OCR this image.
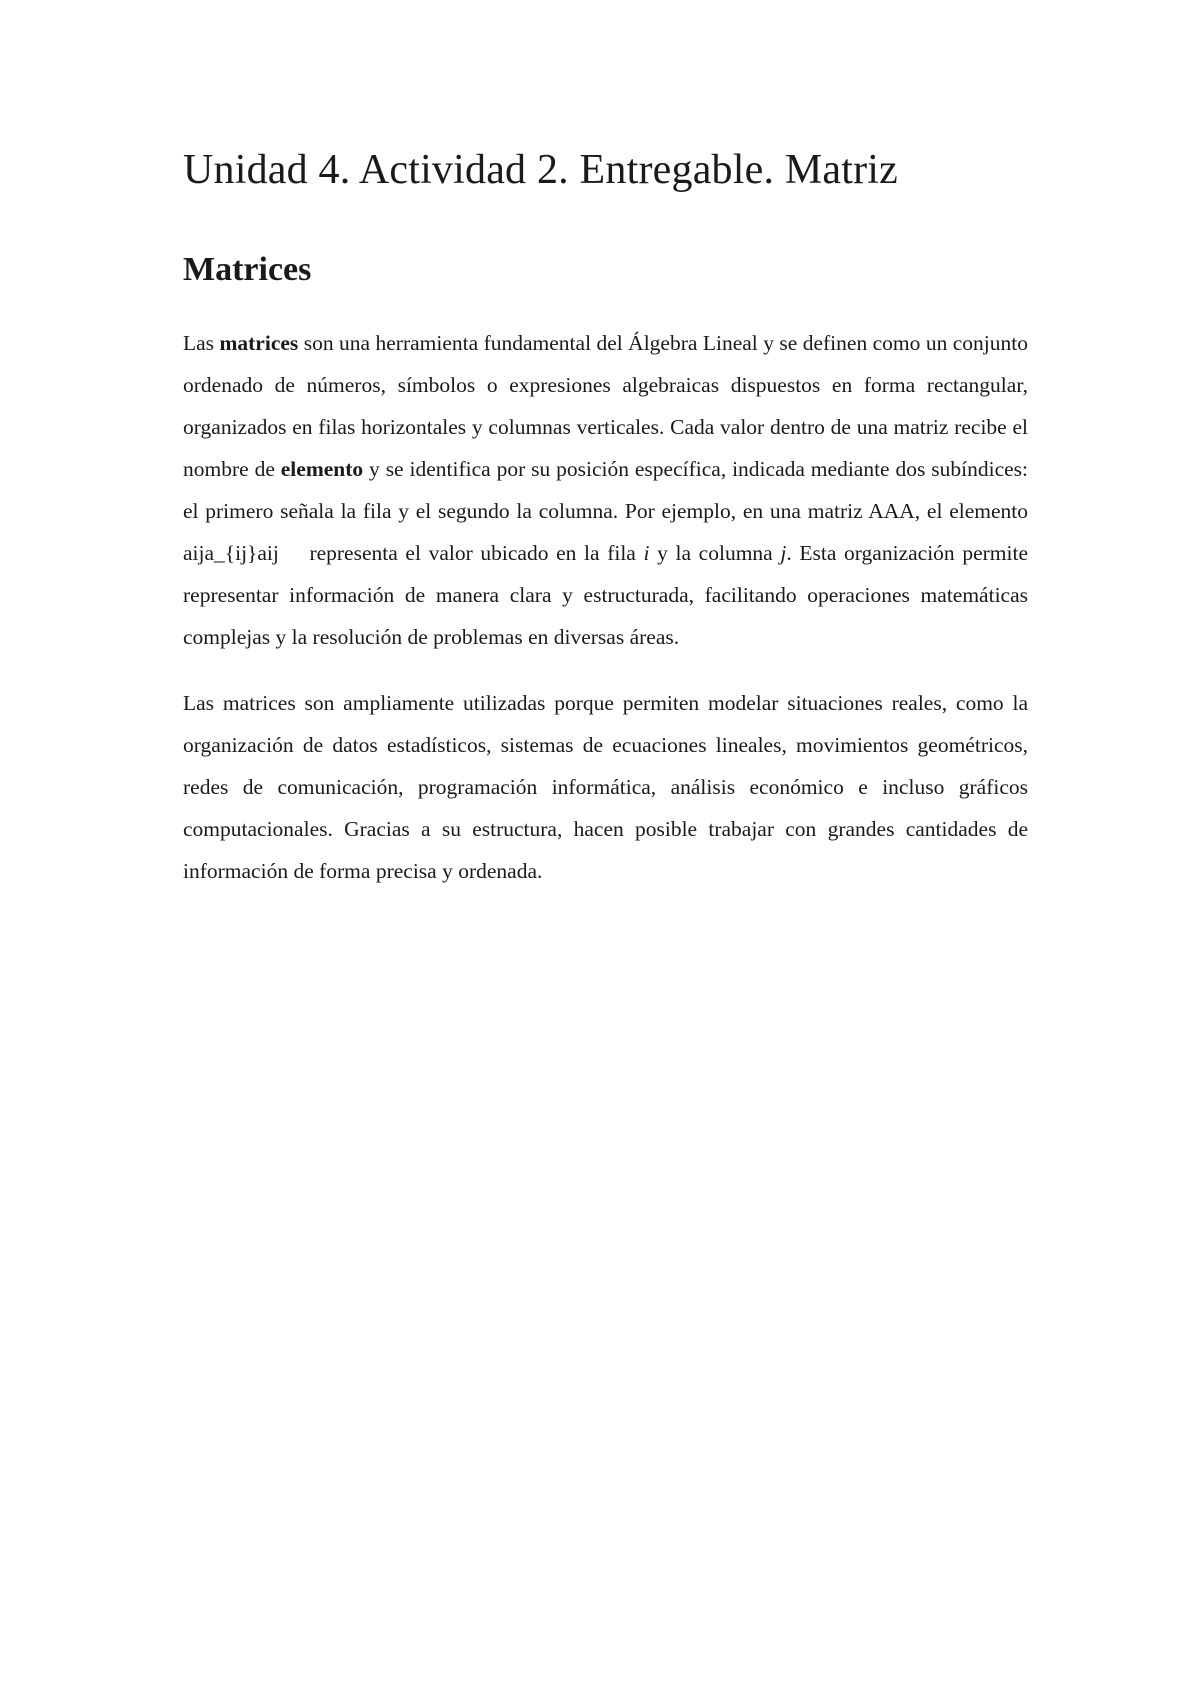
Unidad 4. Actividad 2. Entregable. Matriz
Matrices

Las matrices son una herramienta fundamental del Álgebra Lineal y se definen como un conjunto ordenado de números, símbolos o expresiones algebraicas dispuestos en forma rectangular, organizados en filas horizontales y columnas verticales. Cada valor dentro de una matriz recibe el nombre de elemento y se identifica por su posición específica, indicada mediante dos subíndices: el primero señala la fila y el segundo la columna. Por ejemplo, en una matriz AAA, el elemento aija_{ij}aij    representa el valor ubicado en la fila i y la columna j. Esta organización permite representar información de manera clara y estructurada, facilitando operaciones matemáticas complejas y la resolución de problemas en diversas áreas.

Las matrices son ampliamente utilizadas porque permiten modelar situaciones reales, como la organización de datos estadísticos, sistemas de ecuaciones lineales, movimientos geométricos, redes de comunicación, programación informática, análisis económico e incluso gráficos computacionales. Gracias a su estructura, hacen posible trabajar con grandes cantidades de información de forma precisa y ordenada.
